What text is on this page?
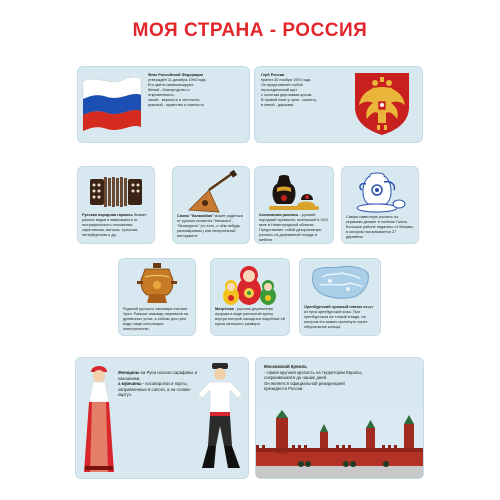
МОЯ СТРАНА - РОССИЯ

Флаг Российской Федерации

утверждён 11 декабря 1993 года.

Его цвета символизируют:

белый - благородство и

откровенность,

синий - верность и честность,

красный - мужество и смелость.

Герб России

принят 30 ноября 1993 года.

Он представляет собой

геральдический щит

с золотым двуглавым орлом.

В правой лапе у орла - скипетр,

в левой - держава.

Русская народная гармонь бывает разных видов в зависимости от географического положения: саратовская, вятская, тульская, петербургская и др.

Слово "балалайка" может родиться от русских словечек "балакать", "балагурить" (то есть, о чём-нибудь разговаривать) или несерьёзный инструмент.

Хохломская роспись - русский народный промысел, возникший в XVII веке в Нижегородской области. Представляет собой декоративную роспись на деревянной посуде и мебели.

Самую известную роспись по керамике делают в посёлке Гжель. Большое районе недалеко от Москвы, в котором насчитывается 27 деревень.

Родиной русского самовара считают Урал. Раньше самовар нагревали на древесных углях, в сейчас для греи воды чаще используют электричество.

Матрёшка - русская деревянная игрушка в виде расписной куклы, внутри которой находятся подобные ей куклы меньшего размера.

Оренбургский пуховый платок вяжут из пуха оренбургской козы. При оренбургском же тонкий в виде, на котором его можно протянуть через обручальное кольцо.

Женщины на Руси носили сарафаны и кокошники,

а мужчины - косоворотки и порты, заправленные в сапоги, а на голове - картуз.

Московский Кремль

- самая крупная крепость на территории Европы,

сохранившаяся до наших дней.

Он является официальной резиденцией

президента России.
